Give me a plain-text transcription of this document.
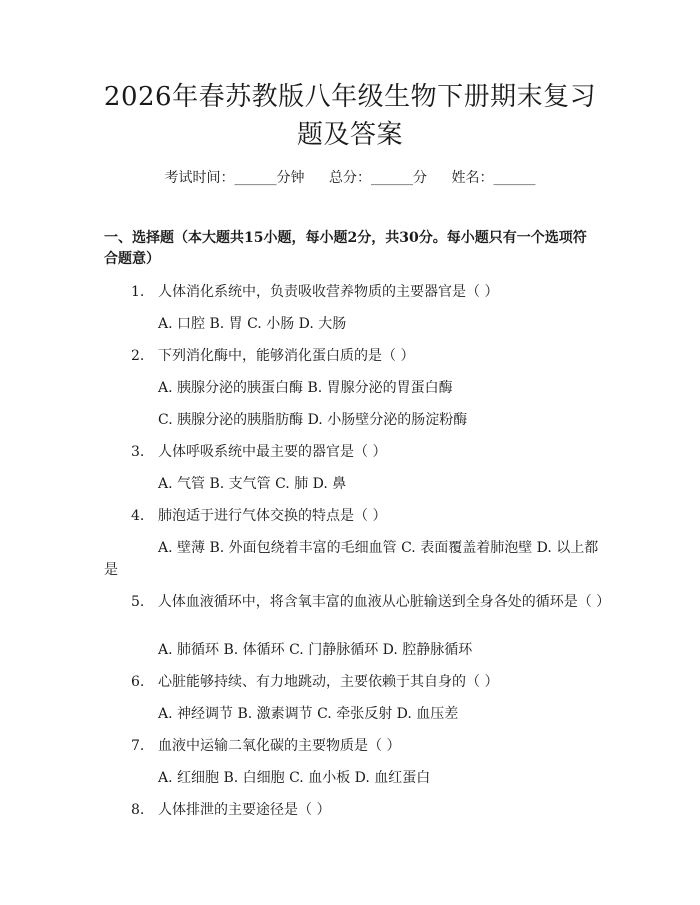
2026年春苏教版八年级生物下册期末复习题及答案
考试时间：______分钟 总分：______分 姓名：______
一、选择题（本大题共15小题，每小题2分，共30分。每小题只有一个选项符合题意）
1. 人体消化系统中，负责吸收营养物质的主要器官是（ ）
A. 口腔 B. 胃 C. 小肠 D. 大肠
2. 下列消化酶中，能够消化蛋白质的是（ ）
A. 胰腺分泌的胰蛋白酶 B. 胃腺分泌的胃蛋白酶
C. 胰腺分泌的胰脂肪酶 D. 小肠壁分泌的肠淀粉酶
3. 人体呼吸系统中最主要的器官是（ ）
A. 气管 B. 支气管 C. 肺 D. 鼻
4. 肺泡适于进行气体交换的特点是（ ）
A. 壁薄 B. 外面包绕着丰富的毛细血管 C. 表面覆盖着肺泡壁 D. 以上都是
5. 人体血液循环中，将含氧丰富的血液从心脏输送到全身各处的循环是（ ）
A. 肺循环 B. 体循环 C. 门静脉循环 D. 腔静脉循环
6. 心脏能够持续、有力地跳动，主要依赖于其自身的（ ）
A. 神经调节 B. 激素调节 C. 牵张反射 D. 血压差
7. 血液中运输二氧化碳的主要物质是（ ）
A. 红细胞 B. 白细胞 C. 血小板 D. 血红蛋白
8. 人体排泄的主要途径是（ ）
